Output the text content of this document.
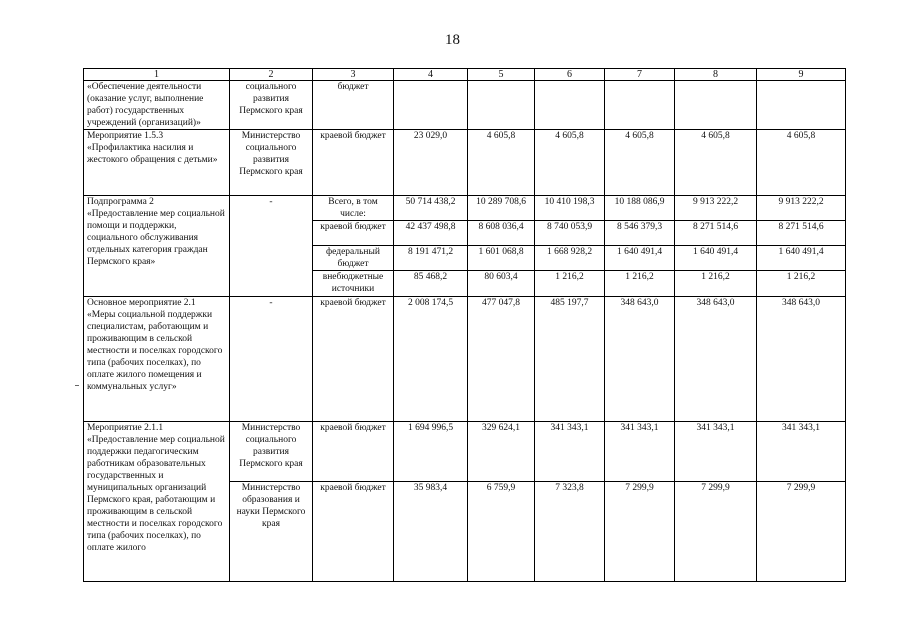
18
1	2	3	4	5	6	7	8	9
«Обеспечение деятельности (оказание услуг, выполнение работ) государственных учреждений (организаций)»	социального развития Пермского края	бюджет						
Мероприятие 1.5.3 «Профилактика насилия и жестокого обращения с детьми»	Министерство социального развития Пермского края	краевой бюджет	23 029,0	4 605,8	4 605,8	4 605,8	4 605,8	4 605,8
Подпрограмма 2 «Предоставление мер социальной помощи и поддержки, социального обслуживания отдельных категория граждан Пермского края»	-	Всего, в том числе:	50 714 438,2	10 289 708,6	10 410 198,3	10 188 086,9	9 913 222,2	9 913 222,2
		краевой бюджет	42 437 498,8	8 608 036,4	8 740 053,9	8 546 379,3	8 271 514,6	8 271 514,6
		федеральный бюджет	8 191 471,2	1 601 068,8	1 668 928,2	1 640 491,4	1 640 491,4	1 640 491,4
		внебюджетные источники	85 468,2	80 603,4	1 216,2	1 216,2	1 216,2	1 216,2
Основное мероприятие 2.1 «Меры социальной поддержки специалистам, работающим и проживающим в сельской местности и поселках городского типа (рабочих поселках), по оплате жилого помещения и коммунальных услуг»	-	краевой бюджет	2 008 174,5	477 047,8	485 197,7	348 643,0	348 643,0	348 643,0
Мероприятие 2.1.1 «Предоставление мер социальной поддержки педагогическим работникам образовательных государственных и муниципальных организаций Пермского края, работающим и проживающим в сельской местности и поселках городского типа (рабочих поселках), по оплате жилого	Министерство социального развития Пермского края	краевой бюджет	1 694 996,5	329 624,1	341 343,1	341 343,1	341 343,1	341 343,1
	Министерство образования и науки Пермского края	краевой бюджет	35 983,4	6 759,9	7 323,8	7 299,9	7 299,9	7 299,9
